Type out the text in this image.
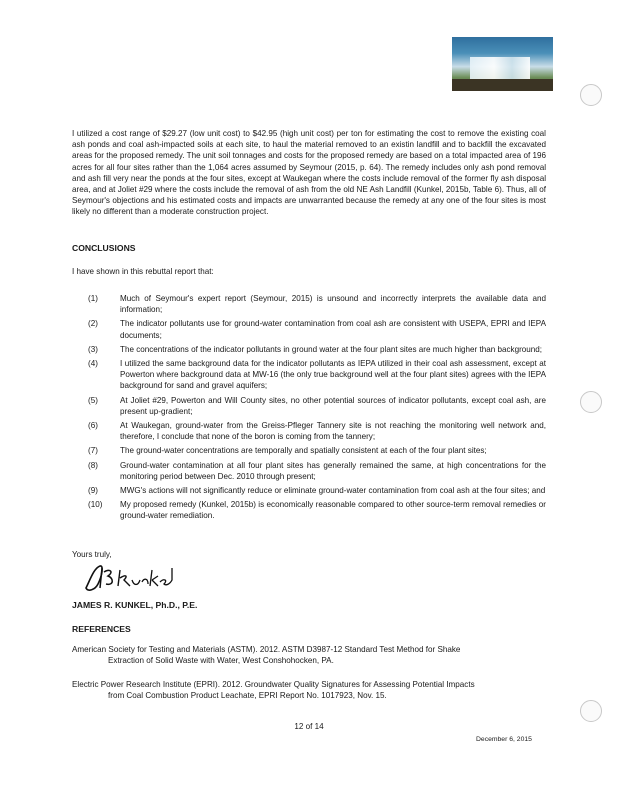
I utilized a cost range of $29.27 (low unit cost) to $42.95 (high unit cost) per ton for estimating the cost to remove the existing coal ash ponds and coal ash-impacted soils at each site, to haul the material removed to an existin landfill and to backfill the excavated areas for the proposed remedy. The unit soil tonnages and costs for the proposed remedy are based on a total impacted area of 196 acres for all four sites rather than the 1,064 acres assumed by Seymour (2015, p. 64). The remedy includes only ash pond removal and ash fill very near the ponds at the four sites, except at Waukegan where the costs include removal of the former fly ash disposal area, and at Joliet #29 where the costs include the removal of ash from the old NE Ash Landfill (Kunkel, 2015b, Table 6). Thus, all of Seymour's objections and his estimated costs and impacts are unwarranted because the remedy at any one of the four sites is most likely no different than a moderate construction project.
CONCLUSIONS
I have shown in this rebuttal report that:
(1)	Much of Seymour's expert report (Seymour, 2015) is unsound and incorrectly interprets the available data and information;
(2)	The indicator pollutants use for ground-water contamination from coal ash are consistent with USEPA, EPRI and IEPA documents;
(3)	The concentrations of the indicator pollutants in ground water at the four plant sites are much higher than background;
(4)	I utilized the same background data for the indicator pollutants as IEPA utilized in their coal ash assessment, except at Powerton where background data at MW-16 (the only true background well at the four plant sites) agrees with the IEPA background for sand and gravel aquifers;
(5)	At Joliet #29, Powerton and Will County sites, no other potential sources of indicator pollutants, except coal ash, are present up-gradient;
(6)	At Waukegan, ground-water from the Greiss-Pfleger Tannery site is not reaching the monitoring well network and, therefore, I conclude that none of the boron is coming from the tannery;
(7)	The ground-water concentrations are temporally and spatially consistent at each of the four plant sites;
(8)	Ground-water contamination at all four plant sites has generally remained the same, at high concentrations for the monitoring period between Dec. 2010 through present;
(9)	MWG's actions will not significantly reduce or eliminate ground-water contamination from coal ash at the four sites; and
(10)	My proposed remedy (Kunkel, 2015b) is economically reasonable compared to other source-term removal remedies or ground-water remediation.
Yours truly,
JAMES R. KUNKEL, Ph.D., P.E.
REFERENCES
American Society for Testing and Materials (ASTM). 2012. ASTM D3987-12 Standard Test Method for Shake
Extraction of Solid Waste with Water, West Conshohocken, PA.
Electric Power Research Institute (EPRI). 2012. Groundwater Quality Signatures for Assessing Potential Impacts
from Coal Combustion Product Leachate, EPRI Report No. 1017923, Nov. 15.
12 of 14
December 6, 2015
